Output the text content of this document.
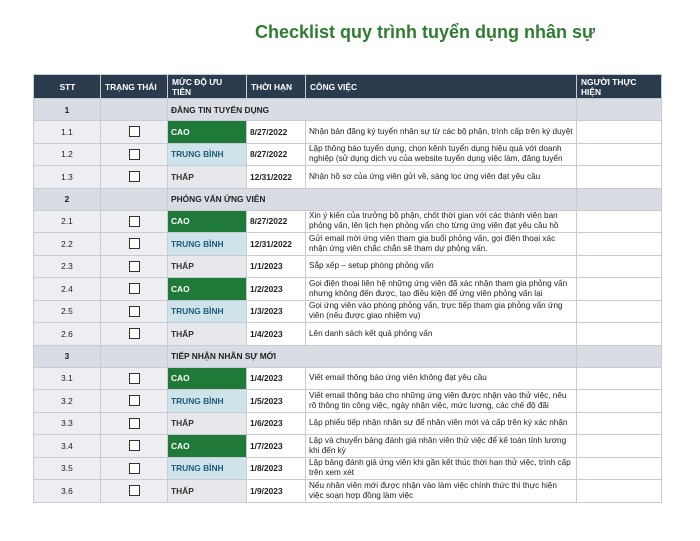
Checklist quy trình tuyển dụng nhân sự
STT	TRẠNG THÁI	MỨC ĐỘ ƯU TIÊN	THỜI HẠN	CÔNG VIỆC	NGƯỜI THỰC HIỆN
1		ĐĂNG TIN TUYỂN DỤNG			
1.1		CAO	8/27/2022	Nhận bản đăng ký tuyển nhân sự từ các bộ phận, trình cấp trên ký duyệt	
1.2		TRUNG BÌNH	8/27/2022	Lập thông báo tuyển dụng, chọn kênh tuyển dụng hiệu quả với doanh nghiệp (sử dụng dịch vụ của website tuyển dụng việc làm, đăng tuyển	
1.3		THẤP	12/31/2022	Nhận hồ sơ của ứng viên gửi về, sàng lọc ứng viên đạt yêu cầu	
2		PHỎNG VẤN ỨNG VIÊN			
2.1		CAO	8/27/2022	Xin ý kiến của trưởng bộ phận, chốt thời gian với các thành viên ban phỏng vấn, lên lịch hẹn phỏng vấn cho từng ứng viên đạt yêu cầu hồ	
2.2		TRUNG BÌNH	12/31/2022	Gửi email mời ứng viên tham gia buổi phỏng vấn, gọi điện thoại xác nhận ứng viên chắc chắn sẽ tham dự phỏng vấn.	
2.3		THẤP	1/1/2023	Sắp xếp – setup phòng phỏng vấn	
2.4		CAO	1/2/2023	Gọi điện thoại liên hệ những ứng viên đã xác nhận tham gia phỏng vấn nhưng không đến được, tạo điều kiện để ứng viên phỏng vấn lại	
2.5		TRUNG BÌNH	1/3/2023	Gọi ứng viên vào phòng phỏng vấn, trực tiếp tham gia phỏng vấn ứng viên (nếu được giao nhiệm vụ)	
2.6		THẤP	1/4/2023	Lên danh sách kết quả phỏng vấn	
3		TIẾP NHẬN NHÂN SỰ MỚI			
3.1		CAO	1/4/2023	Viết email thông báo ứng viên không đạt yêu cầu	
3.2		TRUNG BÌNH	1/5/2023	Viết email thông báo cho những ứng viên được nhận vào thử việc, nêu rõ thông tin công việc, ngày nhận việc, mức lương, các chế độ đãi	
3.3		THẤP	1/6/2023	Lập phiếu tiếp nhận nhân sự để nhân viên mới và cấp trên ký xác nhận	
3.4		CAO	1/7/2023	Lập và chuyển bảng đánh giá nhân viên thử việc để kế toán tính lương khi đến kỳ	
3.5		TRUNG BÌNH	1/8/2023	Lập bảng đánh giá ứng viên khi gần kết thúc thời hạn thử việc, trình cấp trên xem xét	
3.6		THẤP	1/9/2023	Nếu nhân viên mới được nhận vào làm việc chính thức thì thực hiện việc soạn hợp đồng làm việc	
